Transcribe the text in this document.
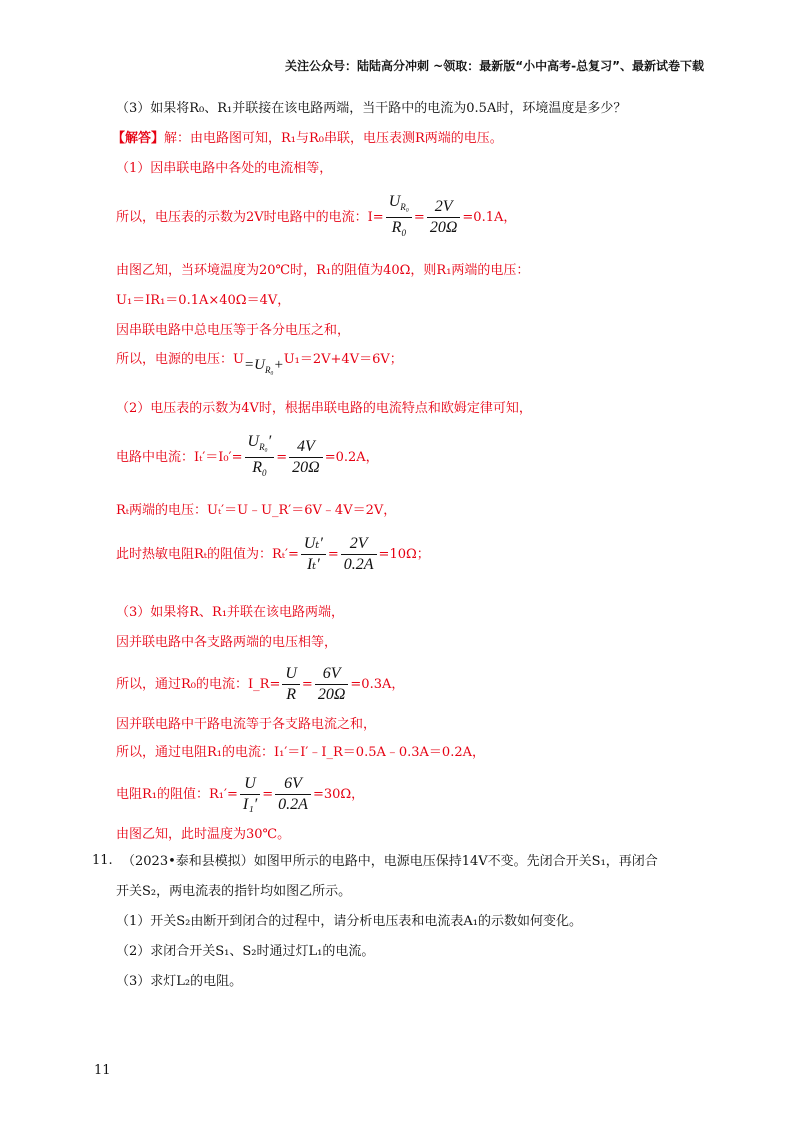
关注公众号：陆陆高分冲刺 ~领取：最新版“小中高考-总复习”、最新试卷下载
（3）如果将R₀、R₁并联接在该电路两端，当干路中的电流为0.5A时，环境温度是多少？
【解答】解：由电路图可知，R₁与R₀串联，电压表测R两端的电压。
（1）因串联电路中各处的电流相等，
所以，电压表的示数为2V时电路中的电流：$I= \frac{U_{R_0}}{R_0} = \frac{2V}{20\Omega} =0.1A$，
由图乙知，当环境温度为20℃时，R₁的阻值为40Ω，则R₁两端的电压：
U₁＝IR₁＝0.1A×40Ω＝4V，
因串联电路中总电压等于各分电压之和，
所以，电源的电压：$U=U_{R_0}+U_1=2V+4V=6V$；
（2）电压表的示数为4V时，根据串联电路的电流特点和欧姆定律可知，
电路中电流：$I_t'=I_0'= \frac{U_{R_0}'}{R_0} = \frac{4V}{20\Omega} =0.2A$，
Rₜ两端的电压：Uₜ′＝U﹣U_R′＝6V﹣4V＝2V，
此时热敏电阻Rₜ的阻值为：$R_t'= \frac{\text{Uₜ′}}{\text{Iₜ′}} = \frac{2V}{0.2A} =10\Omega$；
（3）如果将R、R₁并联在该电路两端，
因并联电路中各支路两端的电压相等，
所以，通过R₀的电流：I_R= $\frac{U}{R} = \frac{6V}{20\Omega} =0.3A$，
因并联电路中干路电流等于各支路电流之和，
所以，通过电阻R₁的电流：I₁′＝I′﹣I_R＝0.5A﹣0.3A＝0.2A，
电阻R₁的阻值：$R_1'= \frac{U}{\text{I₁′}} = \frac{6V}{0.2A} =30\Omega$，
由图乙知，此时温度为30℃。
11. （2023•泰和县模拟）如图甲所示的电路中，电源电压保持14V不变。先闭合开关S₁，再闭合
开关S₂，两电流表的指针均如图乙所示。
（1）开关S₂由断开到闭合的过程中，请分析电压表和电流表A₁的示数如何变化。
（2）求闭合开关S₁、S₂时通过灯L₁的电流。
（3）求灯L₂的电阻。
11
